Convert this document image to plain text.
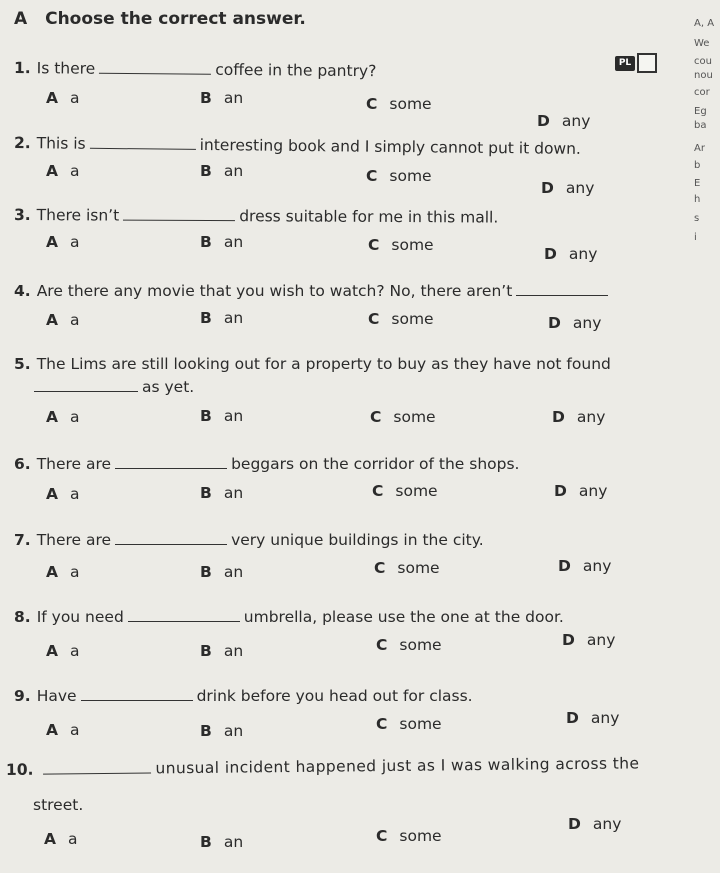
A Choose the correct answer.
PL
A, A
We
cou
nou
cor
Eg
ba
Ar
b
E
h
s
i
1. Is there	coffee in the pantry?
A a	B an	C some
D any
2. This is	interesting book and I simply cannot put it down.
A a	B an	C some
D any
3. There isn’t	dress suitable for me in this mall.
A a	B an	C some	D any
4. Are there any movie that you wish to watch? No, there aren’t
A a	B an	C some	D any
5. The Lims are still looking out for a property to buy as they have not found
as yet.
A a	B an	C some	D any
6. There are	beggars on the corridor of the shops.
A a	B an	C some	D any
7. There are	very unique buildings in the city.
A a	B an	C some	D any
8. If you need	umbrella, please use the one at the door.
A a	B an	C some	D any
9. Have	drink before you head out for class.
A a	B an	C some	D any
10.	unusual incident happened just as I was walking across the
street.
A a	B an	C some
D any
